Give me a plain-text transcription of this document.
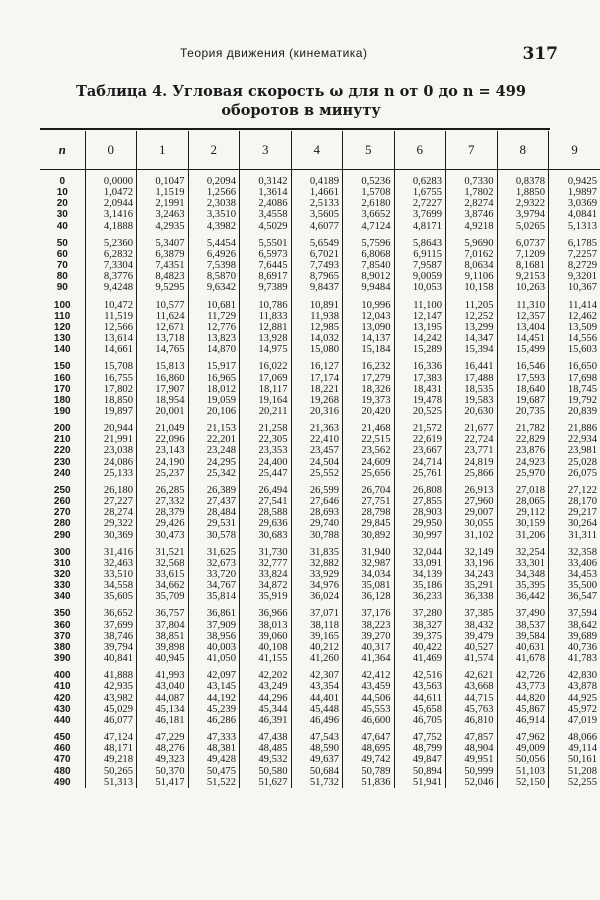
Теория движения (кинематика)	317
Таблица 4. Угловая скорость ω для n от 0 до n = 499
оборотов в минуту
n	0	1	2	3	4	5	6	7	8	9

0	0,0000	0,1047	0,2094	0,3142	0,4189	0,5236	0,6283	0,7330	0,8378	0,9425
10	1,0472	1,1519	1,2566	1,3614	1,4661	1,5708	1,6755	1,7802	1,8850	1,9897
20	2,0944	2,1991	2,3038	2,4086	2,5133	2,6180	2,7227	2,8274	2,9322	3,0369
30	3,1416	3,2463	3,3510	3,4558	3,5605	3,6652	3,7699	3,8746	3,9794	4,0841
40	4,1888	4,2935	4,3982	4,5029	4,6077	4,7124	4,8171	4,9218	5,0265	5,1313

50	5,2360	5,3407	5,4454	5,5501	5,6549	5,7596	5,8643	5,9690	6,0737	6,1785
60	6,2832	6,3879	6,4926	6,5973	6,7021	6,8068	6,9115	7,0162	7,1209	7,2257
70	7,3304	7,4351	7,5398	7,6445	7,7493	7,8540	7,9587	8,0634	8,1681	8,2729
80	8,3776	8,4823	8,5870	8,6917	8,7965	8,9012	9,0059	9,1106	9,2153	9,3201
90	9,4248	9,5295	9,6342	9,7389	9,8437	9,9484	10,053	10,158	10,263	10,367

100	10,472	10,577	10,681	10,786	10,891	10,996	11,100	11,205	11,310	11,414
110	11,519	11,624	11,729	11,833	11,938	12,043	12,147	12,252	12,357	12,462
120	12,566	12,671	12,776	12,881	12,985	13,090	13,195	13,299	13,404	13,509
130	13,614	13,718	13,823	13,928	14,032	14,137	14,242	14,347	14,451	14,556
140	14,661	14,765	14,870	14,975	15,080	15,184	15,289	15,394	15,499	15,603

150	15,708	15,813	15,917	16,022	16,127	16,232	16,336	16,441	16,546	16,650
160	16,755	16,860	16,965	17,069	17,174	17,279	17,383	17,488	17,593	17,698
170	17,802	17,907	18,012	18,117	18,221	18,326	18,431	18,535	18,640	18,745
180	18,850	18,954	19,059	19,164	19,268	19,373	19,478	19,583	19,687	19,792
190	19,897	20,001	20,106	20,211	20,316	20,420	20,525	20,630	20,735	20,839

200	20,944	21,049	21,153	21,258	21,363	21,468	21,572	21,677	21,782	21,886
210	21,991	22,096	22,201	22,305	22,410	22,515	22,619	22,724	22,829	22,934
220	23,038	23,143	23,248	23,353	23,457	23,562	23,667	23,771	23,876	23,981
230	24,086	24,190	24,295	24,400	24,504	24,609	24,714	24,819	24,923	25,028
240	25,133	25,237	25,342	25,447	25,552	25,656	25,761	25,866	25,970	26,075

250	26,180	26,285	26,389	26,494	26,599	26,704	26,808	26,913	27,018	27,122
260	27,227	27,332	27,437	27,541	27,646	27,751	27,855	27,960	28,065	28,170
270	28,274	28,379	28,484	28,588	28,693	28,798	28,903	29,007	29,112	29,217
280	29,322	29,426	29,531	29,636	29,740	29,845	29,950	30,055	30,159	30,264
290	30,369	30,473	30,578	30,683	30,788	30,892	30,997	31,102	31,206	31,311

300	31,416	31,521	31,625	31,730	31,835	31,940	32,044	32,149	32,254	32,358
310	32,463	32,568	32,673	32,777	32,882	32,987	33,091	33,196	33,301	33,406
320	33,510	33,615	33,720	33,824	33,929	34,034	34,139	34,243	34,348	34,453
330	34,558	34,662	34,767	34,872	34,976	35,081	35,186	35,291	35,395	35,500
340	35,605	35,709	35,814	35,919	36,024	36,128	36,233	36,338	36,442	36,547

350	36,652	36,757	36,861	36,966	37,071	37,176	37,280	37,385	37,490	37,594
360	37,699	37,804	37,909	38,013	38,118	38,223	38,327	38,432	38,537	38,642
370	38,746	38,851	38,956	39,060	39,165	39,270	39,375	39,479	39,584	39,689
380	39,794	39,898	40,003	40,108	40,212	40,317	40,422	40,527	40,631	40,736
390	40,841	40,945	41,050	41,155	41,260	41,364	41,469	41,574	41,678	41,783

400	41,888	41,993	42,097	42,202	42,307	42,412	42,516	42,621	42,726	42,830
410	42,935	43,040	43,145	43,249	43,354	43,459	43,563	43,668	43,773	43,878
420	43,982	44,087	44,192	44,296	44,401	44,506	44,611	44,715	44,820	44,925
430	45,029	45,134	45,239	45,344	45,448	45,553	45,658	45,763	45,867	45,972
440	46,077	46,181	46,286	46,391	46,496	46,600	46,705	46,810	46,914	47,019

450	47,124	47,229	47,333	47,438	47,543	47,647	47,752	47,857	47,962	48,066
460	48,171	48,276	48,381	48,485	48,590	48,695	48,799	48,904	49,009	49,114
470	49,218	49,323	49,428	49,532	49,637	49,742	49,847	49,951	50,056	50,161
480	50,265	50,370	50,475	50,580	50,684	50,789	50,894	50,999	51,103	51,208
490	51,313	51,417	51,522	51,627	51,732	51,836	51,941	52,046	52,150	52,255
